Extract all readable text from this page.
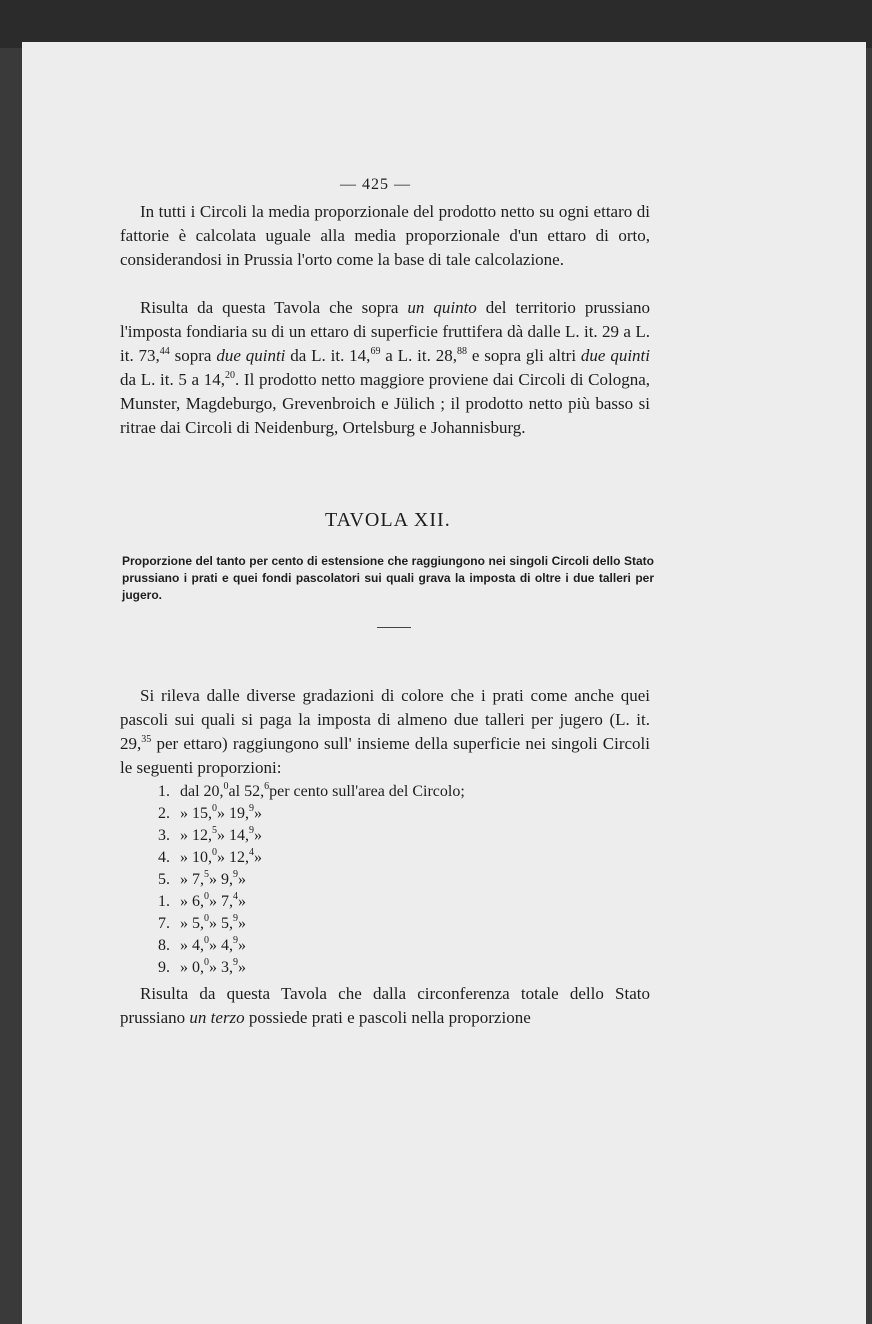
— 425 —
In tutti i Circoli la media proporzionale del prodotto netto su ogni ettaro di fattorie è calcolata uguale alla media proporzionale d'un ettaro di orto, considerandosi in Prussia l'orto come la base di tale calcolazione.
Risulta da questa Tavola che sopra un quinto del territorio prussiano l'imposta fondiaria su di un ettaro di superficie fruttifera dà dalle L. it. 29 a L. it. 73,44 sopra due quinti da L. it. 14,69 a L. it. 28,88 e sopra gli altri due quinti da L. it. 5 a 14,20. Il prodotto netto maggiore proviene dai Circoli di Cologna, Munster, Magdeburgo, Grevenbroich e Jülich ; il prodotto netto più basso si ritrae dai Circoli di Neidenburg, Ortelsburg e Johannisburg.
TAVOLA XII.
Proporzione del tanto per cento di estensione che raggiungono nei singoli Circoli dello Stato prussiano i prati e quei fondi pascolatori sui quali grava la imposta di oltre i due talleri per jugero.
Si rileva dalle diverse gradazioni di colore che i prati come anche quei pascoli sui quali si paga la imposta di almeno due talleri per jugero (L. it. 29,35 per ettaro) raggiungono sull' insieme della superficie nei singoli Circoli le seguenti proporzioni:
1. dal 20,$^0$al 52,$^6$per cento sull'area del Circolo;
2. » 15,$^0$» 19,$^9$»
3. » 12,$^5$» 14,$^9$»
4. » 10,$^0$» 12,$^4$»
5. » 7,$^5$» 9,$^9$»
1. » 6,$^0$» 7,$^4$»
7. » 5,$^0$» 5,$^9$»
8. » 4,$^0$» 4,$^9$»
9. » 0,$^0$» 3,$^9$»
Risulta da questa Tavola che dalla circonferenza totale dello Stato prussiano un terzo possiede prati e pascoli nella proporzione
